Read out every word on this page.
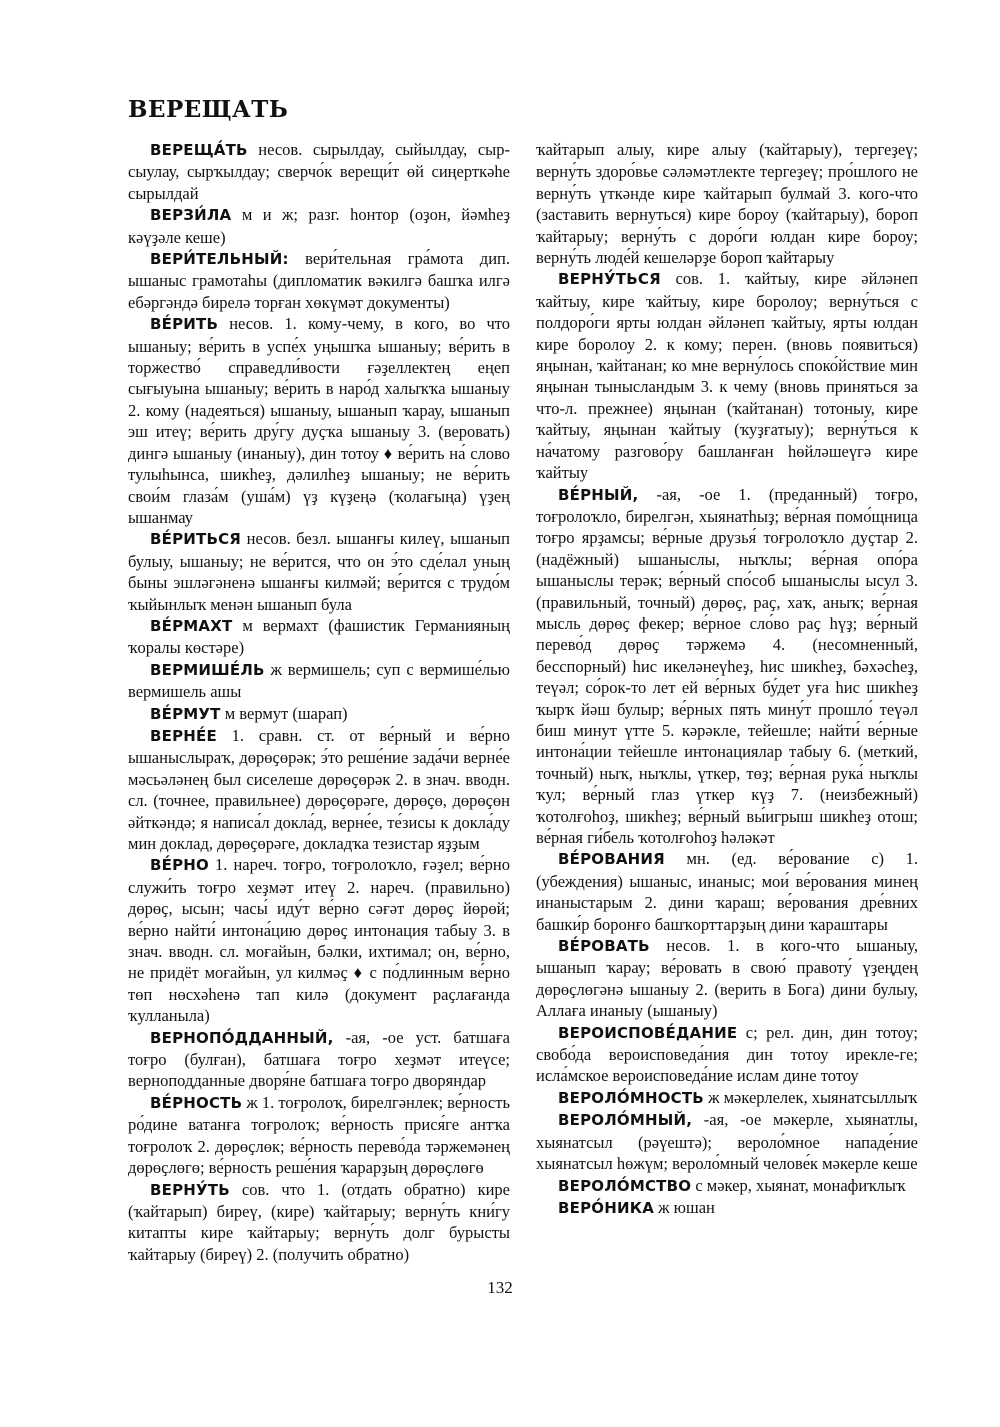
ВЕРЕЩАТЬ

ВЕРЕЩА́ТЬ несов. сырылдау, сыйылдау, сыр-сыулау, сырҡылдау; сверчо́к верещи́т өй сиңерткәһе сырылдай

ВЕРЗИ́ЛА м и ж; разг. һонтор (оҙон, йәмһеҙ кәүҙәле кеше)

ВЕРИ́ТЕЛЬНЫЙ: вери́тельная гра́мота дип. ышаныс грамотаһы (дипломатик вәкилгә башҡа илгә ебәргәндә бирелә торған хөкүмәт документы)

ВЕ́РИТЬ несов. 1. кому-чему, в кого, во что ышаныу; ве́рить в успе́х уңышҡа ышаныу; ве́рить в торжество́ справедли́вости ғәҙеллектең еңеп сығыуына ышаныу; ве́рить в наро́д халыҡҡа ышаныу 2. кому (надеяться) ышаныу, ышанып ҡарау, ышанып эш итеү; ве́рить дру́гу дуҫҡа ышаныу 3. (веровать) дингә ышаныу (инаныу), дин тотоу ♦ ве́рить на́ слово тулыһынса, шикһеҙ, дәлилһеҙ ышаныу; не ве́рить свои́м глаза́м (уша́м) үҙ күҙеңә (ҡолағыңа) үҙең ышанмау

ВЕ́РИТЬСЯ несов. безл. ышанғы килеү, ышанып булыу, ышаныу; не ве́рится, что он э́то сде́лал уның быны эшләгәненә ышанғы килмәй; ве́рится с трудо́м ҡыйынлыҡ менән ышанып була

ВЕ́РМАХТ м вермахт (фашистик Германияның ҡоралы көстәре)

ВЕРМИШЕ́ЛЬ ж вермишель; суп с вермише́лью вермишель ашы

ВЕ́РМУТ м вермут (шарап)

ВЕРНЕ́Е 1. сравн. ст. от ве́рный и ве́рно ышаныслыраҡ, дөрөҫөрәк; э́то реше́ние зада́чи верне́е мәсьәләнең был сиселеше дөрөҫөрәк 2. в знач. вводн. сл. (точнее, правильнее) дөрөҫөрәге, дөрөҫө, дөрөҫөн әйткәндә; я написа́л докла́д, верне́е, те́зисы к докла́ду мин доклад, дөрөҫөрәге, докладҡа тезистар яҙҙым

ВЕ́РНО 1. нареч. тоғро, тоғролоҡло, ғәҙел; ве́рно служи́ть тоғро хеҙмәт итеү 2. нареч. (правильно) дөрөҫ, ысын; часы́ иду́т ве́рно сәғәт дөрөҫ йөрөй; ве́рно найти́ интона́цию дөрөҫ интонация табыу 3. в знач. вводн. сл. моғайын, бәлки, ихтимал; он, ве́рно, не придёт моғайын, ул килмәҫ ♦ с по́длинным ве́рно төп нөсхәһенә тап килә (документ раҫлағанда ҡулланыла)

ВЕРНОПО́ДДАННЫЙ, -ая, -ое уст. батшаға тоғро (булған), батшаға тоғро хеҙмәт итеүсе; верноподданные дворя́не батшаға тоғро дворяндар

ВЕ́РНОСТЬ ж 1. тоғролоҡ, бирелгәнлек; ве́рность ро́дине ватанға тоғролоҡ; ве́рность прися́ге антҡа тоғролоҡ 2. дөрөҫлөк; ве́рность перево́да тәржемәнең дөрөҫлөгө; ве́рность реше́ния ҡарарҙың дөрөҫлөгө

ВЕРНУ́ТЬ сов. что 1. (отдать обратно) кире (ҡайтарып) биреү, (кире) ҡайтарыу; верну́ть кни́гу китапты кире ҡайтарыу; верну́ть долг бурысты ҡайтарыу (биреү) 2. (получить обратно)

ҡайтарып алыу, кире алыу (ҡайтарыу), тергеҙеү; верну́ть здоро́вье сәләмәтлекте тергеҙеү; про́шлого не верну́ть үткәнде кире ҡайтарып булмай 3. кого-что (заставить вернуться) кире бороу (ҡайтарыу), бороп ҡайтарыу; верну́ть с доро́ги юлдан кире бороу; верну́ть люде́й кешеләрҙе бороп ҡайтарыу

ВЕРНУ́ТЬСЯ сов. 1. ҡайтыу, кире әйләнеп ҡайтыу, кире ҡайтыу, кире боролоу; верну́ться с полдоро́ги ярты юлдан әйләнеп ҡайтыу, ярты юлдан кире боролоу 2. к кому; перен. (вновь появиться) яңынан, ҡайтанан; ко мне верну́лось споко́йствие мин яңынан тынысландым 3. к чему (вновь приняться за что-л. прежнее) яңынан (ҡайтанан) тотоныу, кире ҡайтыу, яңынан ҡайтыу (ҡуҙғатыу); верну́ться к на́чатому разгово́ру башланған һөйләшеүгә кире ҡайтыу

ВЕ́РНЫЙ, -ая, -ое 1. (преданный) тоғро, тоғролоҡло, бирелгән, хыянатһыҙ; ве́рная помо́щница тоғро ярҙамсы; ве́рные друзья́ тоғролоҡло дуҫтар 2. (надёжный) ышаныслы, ныҡлы; ве́рная опо́ра ышаныслы терәк; ве́рный спо́соб ышаныслы ысул 3. (правильный, точный) дөрөҫ, раҫ, хаҡ, аныҡ; ве́рная мысль дөрөҫ фекер; ве́рное сло́во раҫ һүҙ; ве́рный перево́д дөрөҫ тәржемә 4. (несомненный, бесспорный) һис икеләнеүһеҙ, һис шикһеҙ, бәхәсһеҙ, теүәл; со́рок-то лет ей ве́рных бу́дет уға һис шикһеҙ ҡырҡ йәш булыр; ве́рных пять мину́т прошло́ теүәл биш минут үтте 5. кәрәкле, тейешле; найти́ ве́рные интона́ции тейешле интонациялар табыу 6. (меткий, точный) ныҡ, ныҡлы, үткер, төҙ; ве́рная рука́ ныҡлы ҡул; ве́рный глаз үткер күҙ 7. (неизбежный) ҡотолғоһоҙ, шикһеҙ; ве́рный вы́игрыш шикһеҙ отош; ве́рная ги́бель ҡотолғоһоҙ һәләкәт

ВЕ́РОВАНИЯ мн. (ед. ве́рование с) 1. (убеждения) ышаныс, инаныс; мои́ ве́рования минең инаныстарым 2. дини ҡараш; ве́рования дре́вних башки́р боронғо башҡорттарҙың дини ҡараштары

ВЕ́РОВАТЬ несов. 1. в кого-что ышаныу, ышанып ҡарау; ве́ровать в свою́ правоту́ үҙеңдең дөрөҫлөгәнә ышаныу 2. (верить в Бога) дини булыу, Аллаға инаныу (ышаныу)

ВЕРОИСПОВЕ́ДАНИЕ с; рел. дин, дин тотоу; свобо́да вероисповеда́ния дин тотоу ирекле-ге; исла́мское вероисповеда́ние ислам дине тотоу

ВЕРОЛО́МНОСТЬ ж мәкерлелек, хыянатсыллыҡ

ВЕРОЛО́МНЫЙ, -ая, -ое мәкерле, хыянатлы, хыянатсыл (рәүештә); вероло́мное нападе́ние хыянатсыл һөжүм; вероло́мный челове́к мәкерле кеше

ВЕРОЛО́МСТВО с мәкер, хыянат, монафиҡлыҡ

ВЕРО́НИКА ж юшан

132
